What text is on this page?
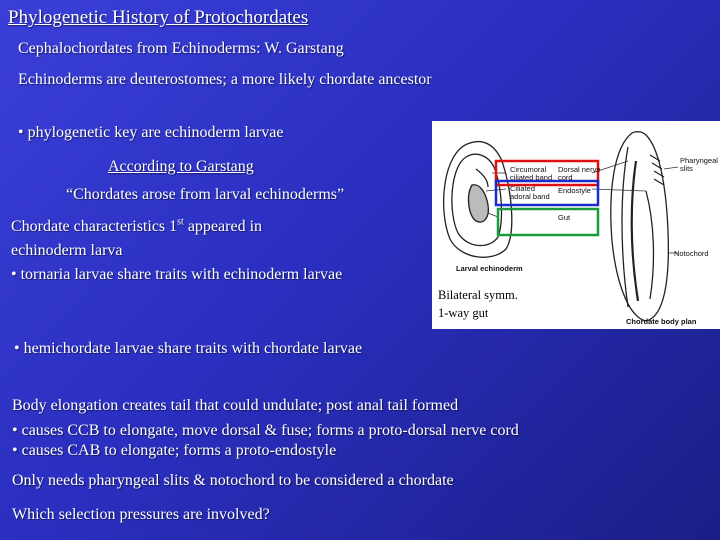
Phylogenetic History of Protochordates
Cephalochordates from Echinoderms: W. Garstang
Echinoderms are deuterostomes; a more likely chordate ancestor
• phylogenetic key are echinoderm larvae
According to Garstang
“Chordates arose from larval echinoderms”
Chordate characteristics 1st appeared in
echinoderm larva
• tornaria larvae share traits with echinoderm larvae
Circumoral
ciliated band
Ciliated
adoral band
Dorsal nerve
cord
Endostyle
Gut
Pharyngeal
slits
Notochord
Larval echinoderm
Chordate body plan
Bilateral symm.
1-way gut
• hemichordate larvae share traits with chordate larvae
Body elongation creates tail that could undulate; post anal tail formed
• causes CCB to elongate, move dorsal & fuse; forms a proto-dorsal nerve cord
• causes CAB to elongate; forms a proto-endostyle
Only needs pharyngeal slits & notochord to be considered a chordate
Which selection pressures are involved?
